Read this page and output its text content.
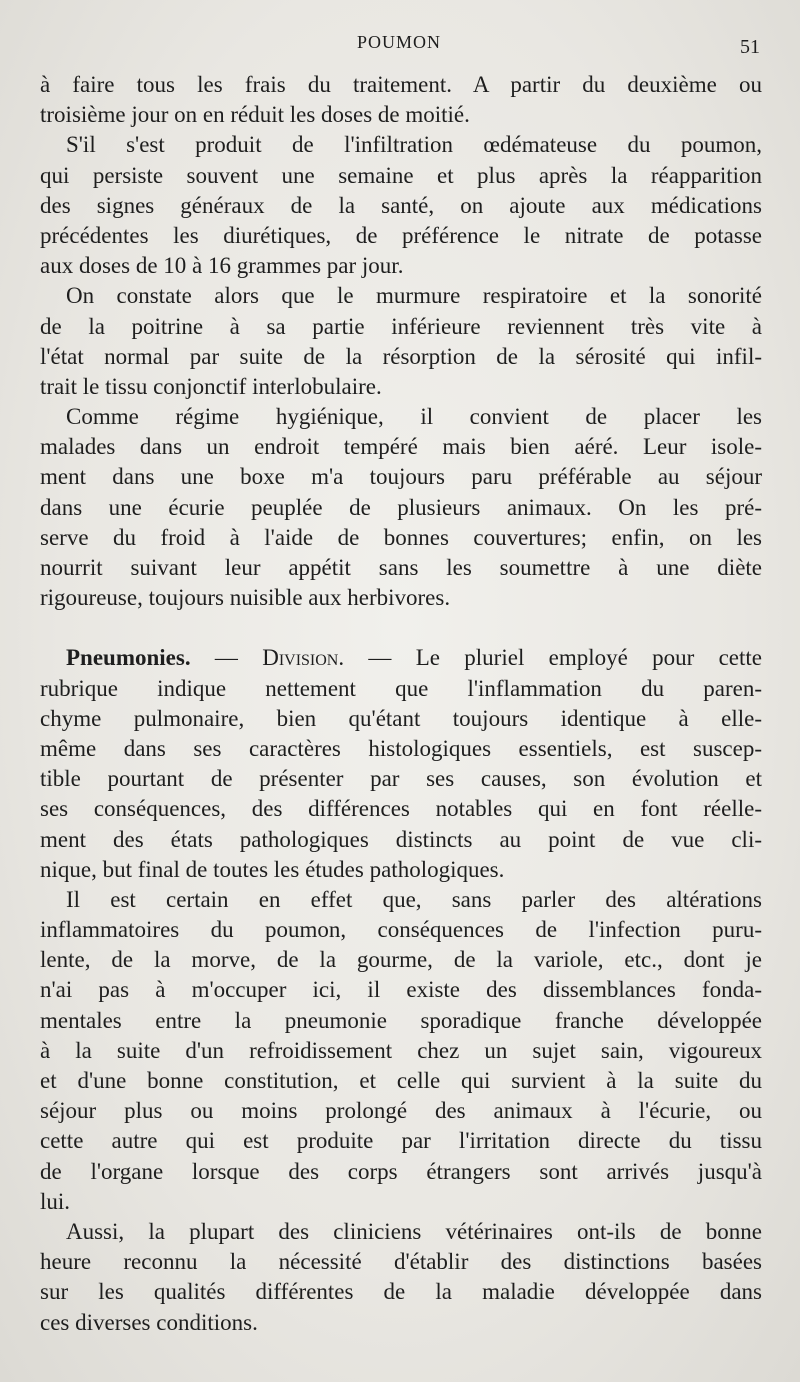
POUMON	51
à faire tous les frais du traitement. A partir du deuxième ou
troisième jour on en réduit les doses de moitié.
S'il s'est produit de l'infiltration œdémateuse du poumon,
qui persiste souvent une semaine et plus après la réapparition
des signes généraux de la santé, on ajoute aux médications
précédentes les diurétiques, de préférence le nitrate de potasse
aux doses de 10 à 16 grammes par jour.
On constate alors que le murmure respiratoire et la sonorité
de la poitrine à sa partie inférieure reviennent très vite à
l'état normal par suite de la résorption de la sérosité qui infil-
trait le tissu conjonctif interlobulaire.
Comme régime hygiénique, il convient de placer les
malades dans un endroit tempéré mais bien aéré. Leur isole-
ment dans une boxe m'a toujours paru préférable au séjour
dans une écurie peuplée de plusieurs animaux. On les pré-
serve du froid à l'aide de bonnes couvertures; enfin, on les
nourrit suivant leur appétit sans les soumettre à une diète
rigoureuse, toujours nuisible aux herbivores.
Pneumonies. — Division. — Le pluriel employé pour cette
rubrique indique nettement que l'inflammation du paren-
chyme pulmonaire, bien qu'étant toujours identique à elle-
même dans ses caractères histologiques essentiels, est suscep-
tible pourtant de présenter par ses causes, son évolution et
ses conséquences, des différences notables qui en font réelle-
ment des états pathologiques distincts au point de vue cli-
nique, but final de toutes les études pathologiques.
Il est certain en effet que, sans parler des altérations
inflammatoires du poumon, conséquences de l'infection puru-
lente, de la morve, de la gourme, de la variole, etc., dont je
n'ai pas à m'occuper ici, il existe des dissemblances fonda-
mentales entre la pneumonie sporadique franche développée
à la suite d'un refroidissement chez un sujet sain, vigoureux
et d'une bonne constitution, et celle qui survient à la suite du
séjour plus ou moins prolongé des animaux à l'écurie, ou
cette autre qui est produite par l'irritation directe du tissu
de l'organe lorsque des corps étrangers sont arrivés jusqu'à
lui.
Aussi, la plupart des cliniciens vétérinaires ont-ils de bonne
heure reconnu la nécessité d'établir des distinctions basées
sur les qualités différentes de la maladie développée dans
ces diverses conditions.
